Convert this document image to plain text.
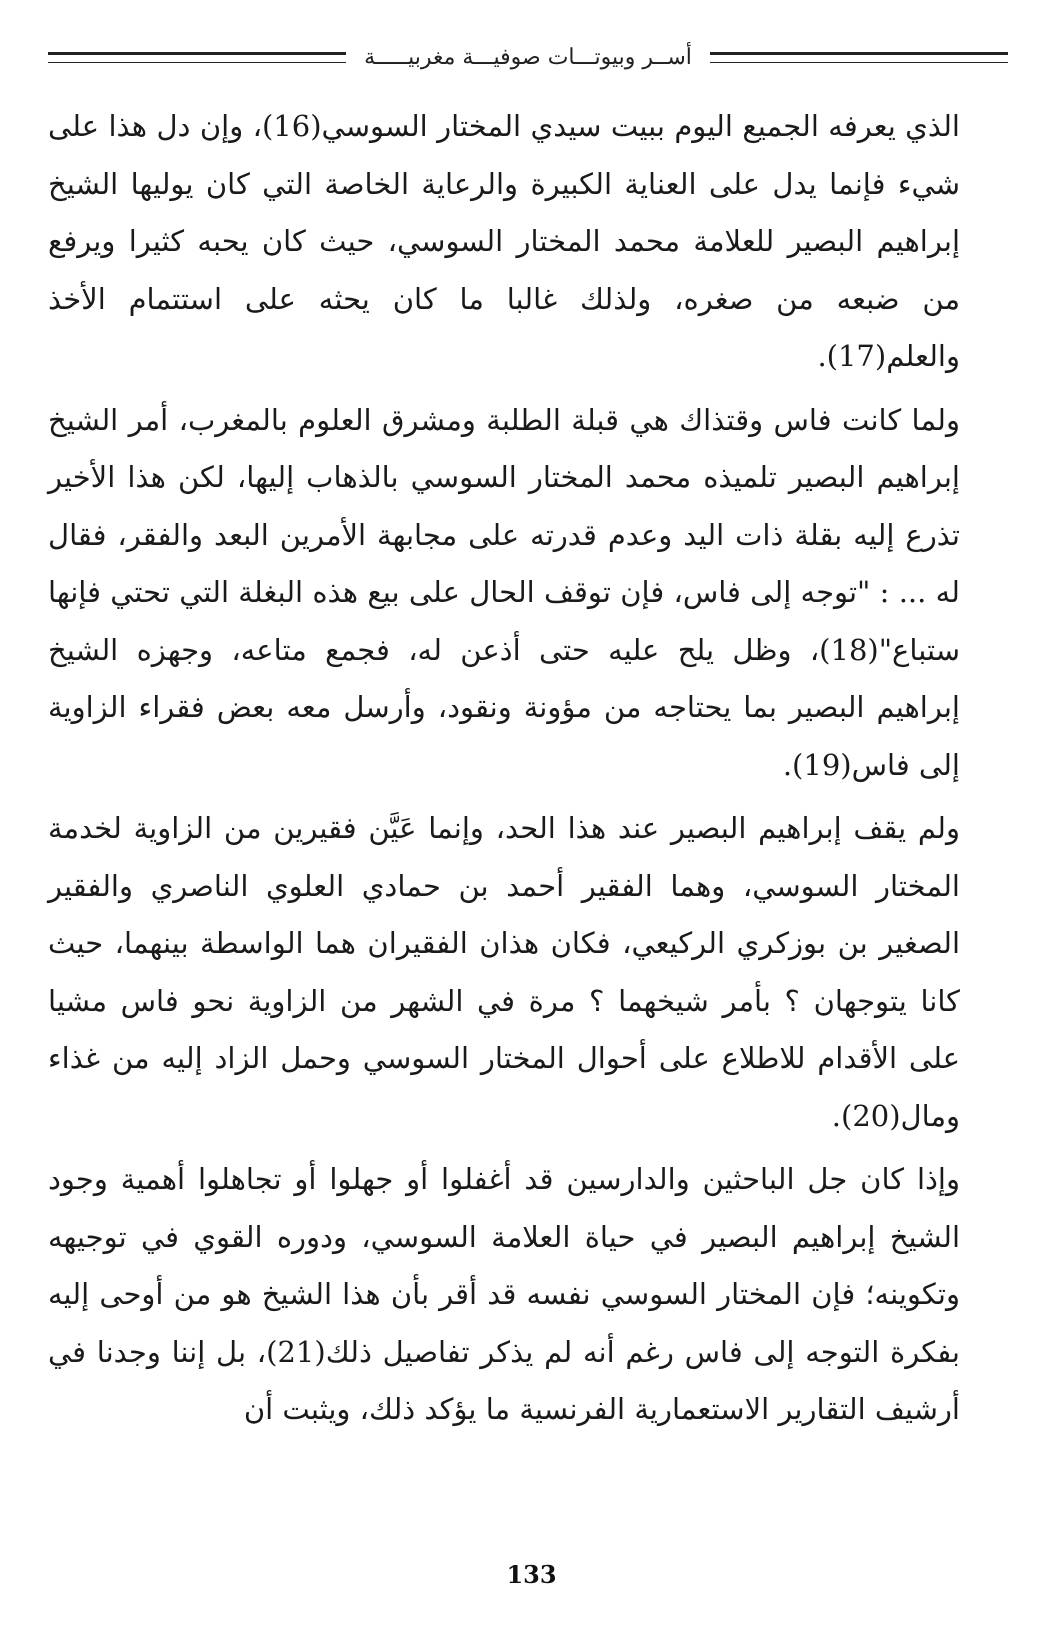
أســر وبيوتـــات صوفيـــة مغربيـــــة

الذي يعرفه الجميع اليوم ببيت سيدي المختار السوسي(16)، وإن دل هذا على شيء فإنما يدل على العناية الكبيرة والرعاية الخاصة التي كان يوليها الشيخ إبراهيم البصير للعلامة محمد المختار السوسي، حيث كان يحبه كثيرا ويرفع من ضبعه من صغره، ولذلك غالبا ما كان يحثه على استتمام الأخذ والعلم(17).

ولما كانت فاس وقتذاك هي قبلة الطلبة ومشرق العلوم بالمغرب، أمر الشيخ إبراهيم البصير تلميذه محمد المختار السوسي بالذهاب إليها، لكن هذا الأخير تذرع إليه بقلة ذات اليد وعدم قدرته على مجابهة الأمرين البعد والفقر، فقال له ... : "توجه إلى فاس، فإن توقف الحال على بيع هذه البغلة التي تحتي فإنها ستباع"(18)، وظل يلح عليه حتى أذعن له، فجمع متاعه، وجهزه الشيخ إبراهيم البصير بما يحتاجه من مؤونة ونقود، وأرسل معه بعض فقراء الزاوية إلى فاس(19).

ولم يقف إبراهيم البصير عند هذا الحد، وإنما عَيَّن فقيرين من الزاوية لخدمة المختار السوسي، وهما الفقير أحمد بن حمادي العلوي الناصري والفقير الصغير بن بوزكري الركيعي، فكان هذان الفقيران هما الواسطة بينهما، حيث كانا يتوجهان ؟ بأمر شيخهما ؟ مرة في الشهر من الزاوية نحو فاس مشيا على الأقدام للاطلاع على أحوال المختار السوسي وحمل الزاد إليه من غذاء ومال(20).

وإذا كان جل الباحثين والدارسين قد أغفلوا أو جهلوا أو تجاهلوا أهمية وجود الشيخ إبراهيم البصير في حياة العلامة السوسي، ودوره القوي في توجيهه وتكوينه؛ فإن المختار السوسي نفسه قد أقر بأن هذا الشيخ هو من أوحى إليه بفكرة التوجه إلى فاس رغم أنه لم يذكر تفاصيل ذلك(21)، بل إننا وجدنا في أرشيف التقارير الاستعمارية الفرنسية ما يؤكد ذلك، ويثبت أن

133
